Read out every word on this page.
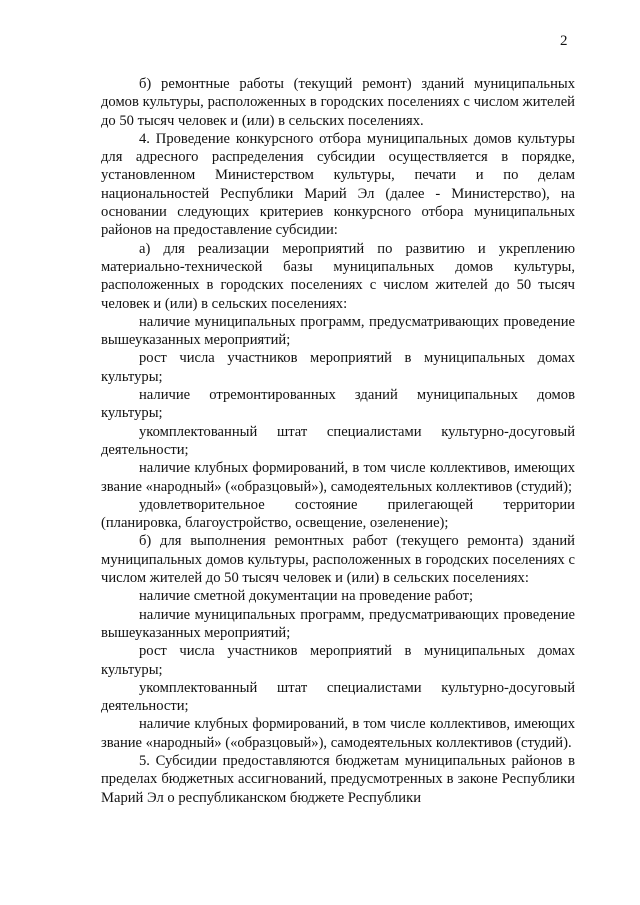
2

б) ремонтные работы (текущий ремонт) зданий муниципальных домов культуры, расположенных в городских поселениях с числом жителей до 50 тысяч человек и (или) в сельских поселениях.

4. Проведение конкурсного отбора муниципальных домов культуры для адресного распределения субсидии осуществляется в порядке, установленном Министерством культуры, печати и по делам национальностей Республики Марий Эл (далее - Министерство), на основании следующих критериев конкурсного отбора муниципальных районов на предоставление субсидии:

а) для реализации мероприятий по развитию и укреплению материально-технической базы муниципальных домов культуры, расположенных в городских поселениях с числом жителей до 50 тысяч человек и (или) в сельских поселениях:

наличие муниципальных программ, предусматривающих проведение вышеуказанных мероприятий;

рост числа участников мероприятий в муниципальных домах культуры;

наличие отремонтированных зданий муниципальных домов культуры;

укомплектованный штат специалистами культурно-досуговый деятельности;

наличие клубных формирований, в том числе коллективов, имеющих звание «народный» («образцовый»), самодеятельных коллективов (студий);

удовлетворительное состояние прилегающей территории (планировка, благоустройство, освещение, озеленение);

б) для выполнения ремонтных работ (текущего ремонта) зданий муниципальных домов культуры, расположенных в городских поселениях с числом жителей до 50 тысяч человек и (или) в сельских поселениях:

наличие сметной документации на проведение работ;

наличие муниципальных программ, предусматривающих проведение вышеуказанных мероприятий;

рост числа участников мероприятий в муниципальных домах культуры;

укомплектованный штат специалистами культурно-досуговый деятельности;

наличие клубных формирований, в том числе коллективов, имеющих звание «народный» («образцовый»), самодеятельных коллективов (студий).

5. Субсидии предоставляются бюджетам муниципальных районов в пределах бюджетных ассигнований, предусмотренных в законе Республики Марий Эл о республиканском бюджете Республики
